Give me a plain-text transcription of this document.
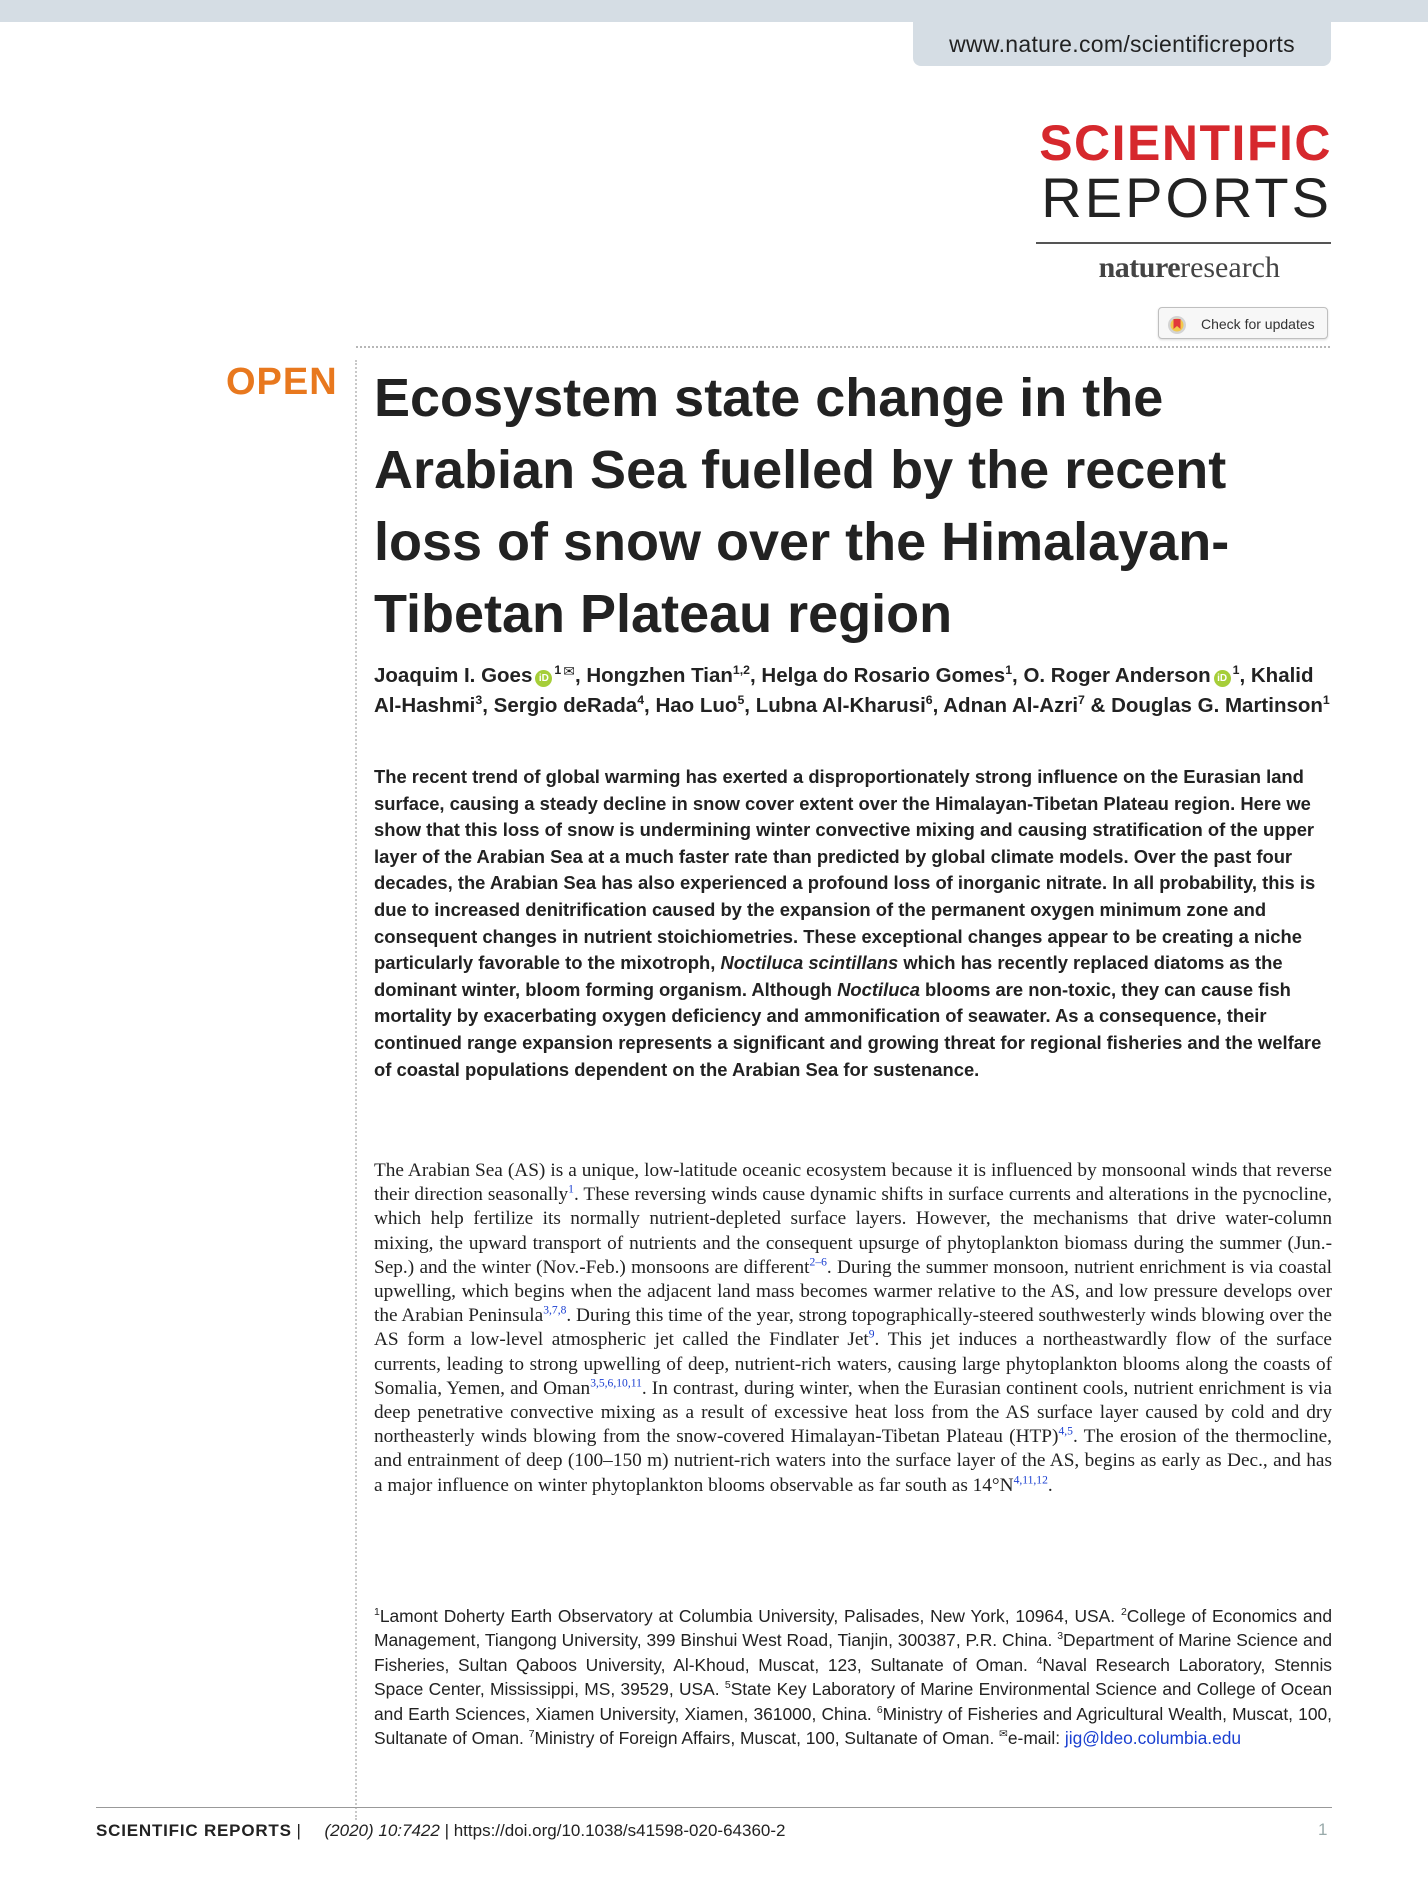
www.nature.com/scientificreports
SCIENTIFIC
REPORTS
natureresearch
Check for updates
OPEN Ecosystem state change in the Arabian Sea fuelled by the recent loss of snow over the Himalayan-Tibetan Plateau region
Joaquim I. Goes $iD^1$ ✉, Hongzhen Tian$^{1,2}$, Helga do Rosario Gomes$^1$, O. Roger Anderson $iD^1$, Khalid Al-Hashmi$^3$, Sergio deRada$^4$, Hao Luo$^5$, Lubna Al-Kharusi$^6$, Adnan Al-Azri$^7$ & Douglas G. Martinson$^1$
The recent trend of global warming has exerted a disproportionately strong influence on the Eurasian land surface, causing a steady decline in snow cover extent over the Himalayan-Tibetan Plateau region. Here we show that this loss of snow is undermining winter convective mixing and causing stratification of the upper layer of the Arabian Sea at a much faster rate than predicted by global climate models. Over the past four decades, the Arabian Sea has also experienced a profound loss of inorganic nitrate. In all probability, this is due to increased denitrification caused by the expansion of the permanent oxygen minimum zone and consequent changes in nutrient stoichiometries. These exceptional changes appear to be creating a niche particularly favorable to the mixotroph, Noctiluca scintillans which has recently replaced diatoms as the dominant winter, bloom forming organism. Although Noctiluca blooms are non-toxic, they can cause fish mortality by exacerbating oxygen deficiency and ammonification of seawater. As a consequence, their continued range expansion represents a significant and growing threat for regional fisheries and the welfare of coastal populations dependent on the Arabian Sea for sustenance.
The Arabian Sea (AS) is a unique, low-latitude oceanic ecosystem because it is influenced by monsoonal winds that reverse their direction seasonally$^1$. These reversing winds cause dynamic shifts in surface currents and alterations in the pycnocline, which help fertilize its normally nutrient-depleted surface layers. However, the mechanisms that drive water-column mixing, the upward transport of nutrients and the consequent upsurge of phytoplankton biomass during the summer (Jun.-Sep.) and the winter (Nov.-Feb.) monsoons are different$^{2-6}$. During the summer monsoon, nutrient enrichment is via coastal upwelling, which begins when the adjacent land mass becomes warmer relative to the AS, and low pressure develops over the Arabian Peninsula$^{3,7,8}$. During this time of the year, strong topographically-steered southwesterly winds blowing over the AS form a low-level atmospheric jet called the Findlater Jet$^9$. This jet induces a northeastwardly flow of the surface currents, leading to strong upwelling of deep, nutrient-rich waters, causing large phytoplankton blooms along the coasts of Somalia, Yemen, and Oman$^{3,5,6,10,11}$. In contrast, during winter, when the Eurasian continent cools, nutrient enrichment is via deep penetrative convective mixing as a result of excessive heat loss from the AS surface layer caused by cold and dry northeasterly winds blowing from the snow-covered Himalayan-Tibetan Plateau (HTP)$^{4,5}$. The erosion of the thermocline, and entrainment of deep (100–150 m) nutrient-rich waters into the surface layer of the AS, begins as early as Dec., and has a major influence on winter phytoplankton blooms observable as far south as 14°N$^{4,11,12}$.
$^1$Lamont Doherty Earth Observatory at Columbia University, Palisades, New York, 10964, USA. $^2$College of Economics and Management, Tiangong University, 399 Binshui West Road, Tianjin, 300387, P.R. China. $^3$Department of Marine Science and Fisheries, Sultan Qaboos University, Al-Khoud, Muscat, 123, Sultanate of Oman. $^4$Naval Research Laboratory, Stennis Space Center, Mississippi, MS, 39529, USA. $^5$State Key Laboratory of Marine Environmental Science and College of Ocean and Earth Sciences, Xiamen University, Xiamen, 361000, China. $^6$Ministry of Fisheries and Agricultural Wealth, Muscat, 100, Sultanate of Oman. $^7$Ministry of Foreign Affairs, Muscat, 100, Sultanate of Oman. ✉e-mail: jig@ldeo.columbia.edu
SCIENTIFIC REPORTS | (2020) 10:7422 | https://doi.org/10.1038/s41598-020-64360-2	1
